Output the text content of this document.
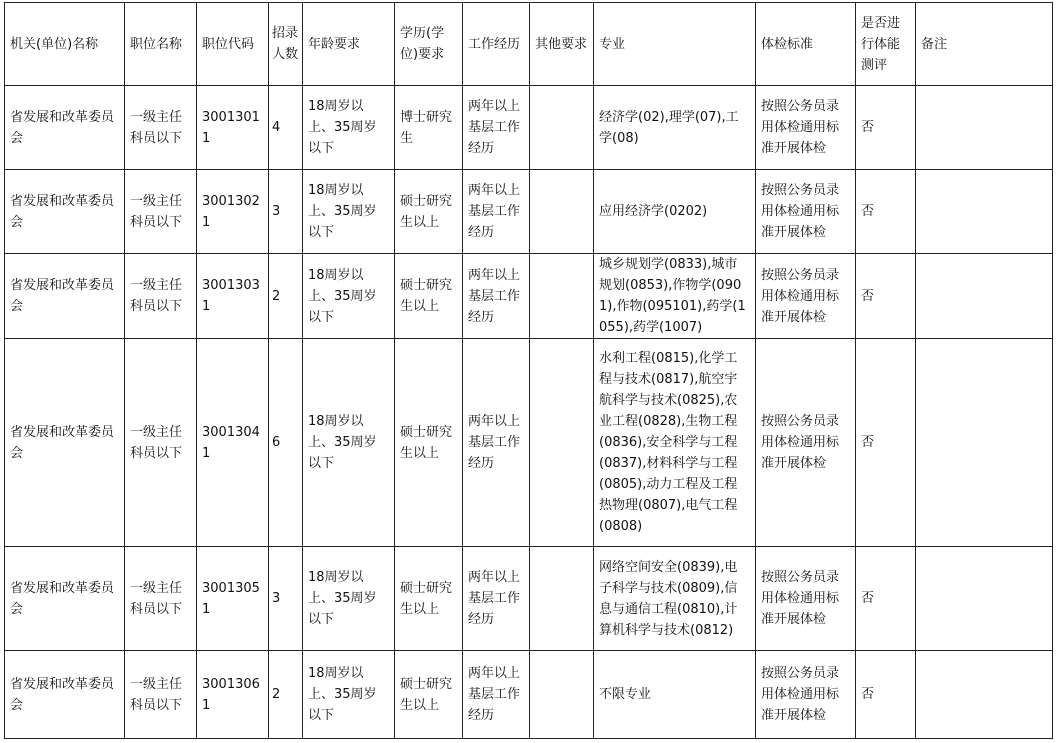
机关(单位)名称	职位名称	职位代码	招录人数	年龄要求	学历(学位)要求	工作经历	其他要求	专业	体检标准	是否进行体能测评	备注
省发展和改革委员会	一级主任科员以下	30013011	4	18周岁以上、35周岁以下	博士研究生	两年以上基层工作经历		经济学(02),理学(07),工学(08)	按照公务员录用体检通用标准开展体检	否	
省发展和改革委员会	一级主任科员以下	30013021	3	18周岁以上、35周岁以下	硕士研究生以上	两年以上基层工作经历		应用经济学(0202)	按照公务员录用体检通用标准开展体检	否	
省发展和改革委员会	一级主任科员以下	30013031	2	18周岁以上、35周岁以下	硕士研究生以上	两年以上基层工作经历		城乡规划学(0833),城市规划(0853),作物学(0901),作物(095101),药学(1055),药学(1007)	按照公务员录用体检通用标准开展体检	否	
省发展和改革委员会	一级主任科员以下	30013041	6	18周岁以上、35周岁以下	硕士研究生以上	两年以上基层工作经历		水利工程(0815),化学工程与技术(0817),航空宇航科学与技术(0825),农业工程(0828),生物工程(0836),安全科学与工程(0837),材料科学与工程(0805),动力工程及工程热物理(0807),电气工程(0808)	按照公务员录用体检通用标准开展体检	否	
省发展和改革委员会	一级主任科员以下	30013051	3	18周岁以上、35周岁以下	硕士研究生以上	两年以上基层工作经历		网络空间安全(0839),电子科学与技术(0809),信息与通信工程(0810),计算机科学与技术(0812)	按照公务员录用体检通用标准开展体检	否	
省发展和改革委员会	一级主任科员以下	30013061	2	18周岁以上、35周岁以下	硕士研究生以上	两年以上基层工作经历		不限专业	按照公务员录用体检通用标准开展体检	否	
